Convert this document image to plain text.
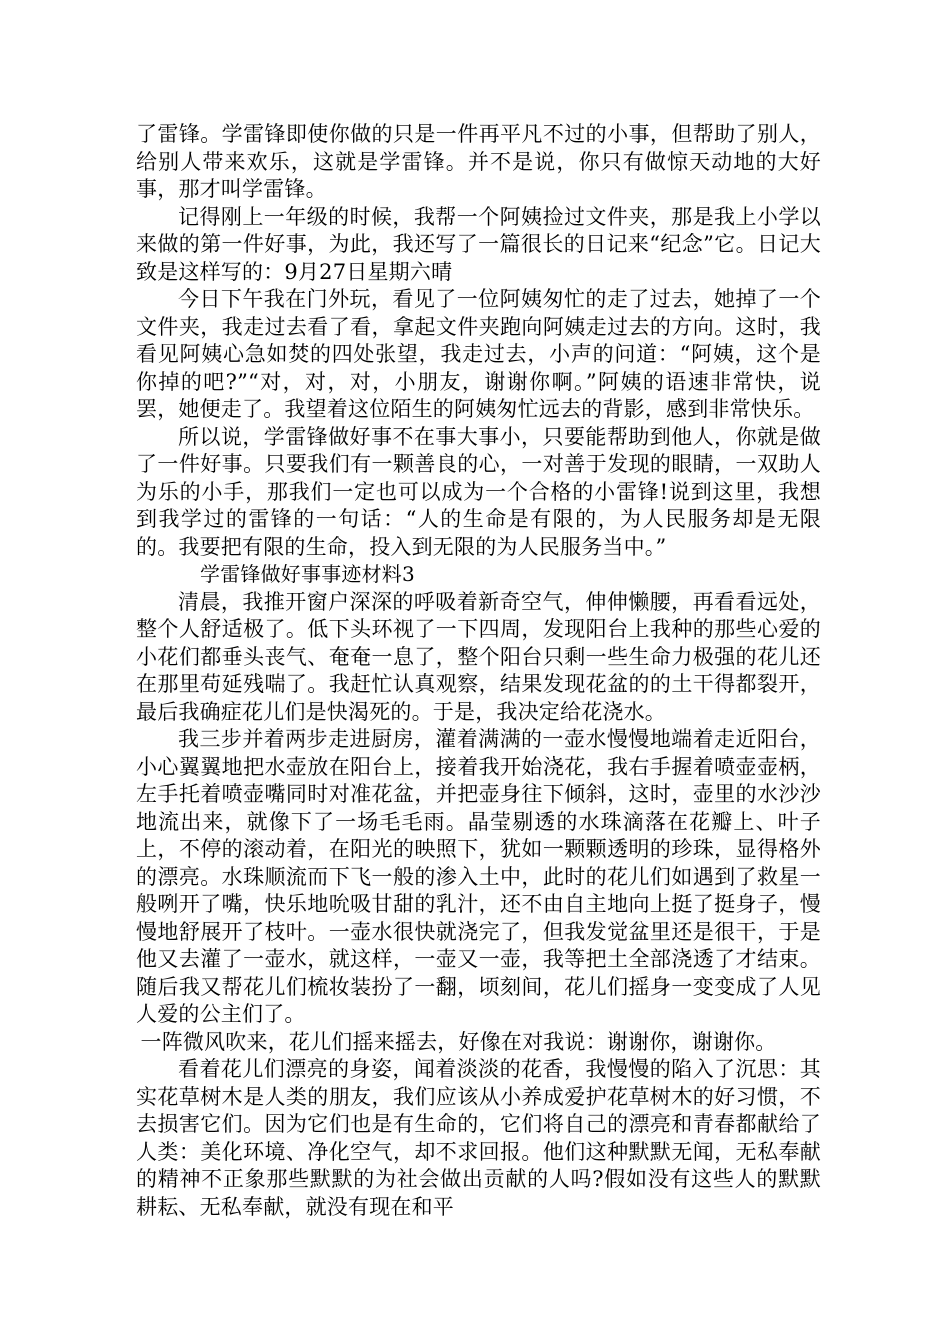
了雷锋。学雷锋即使你做的只是一件再平凡不过的小事，但帮助了别人，给别人带来欢乐，这就是学雷锋。并不是说，你只有做惊天动地的大好事，那才叫学雷锋。

记得刚上一年级的时候，我帮一个阿姨捡过文件夹，那是我上小学以来做的第一件好事，为此，我还写了一篇很长的日记来“纪念”它。日记大致是这样写的：9月27日星期六晴

今日下午我在门外玩，看见了一位阿姨匆忙的走了过去，她掉了一个文件夹，我走过去看了看，拿起文件夹跑向阿姨走过去的方向。这时，我看见阿姨心急如焚的四处张望，我走过去，小声的问道：“阿姨，这个是你掉的吧?”“对，对，对，小朋友，谢谢你啊。”阿姨的语速非常快，说罢，她便走了。我望着这位陌生的阿姨匆忙远去的背影，感到非常快乐。

所以说，学雷锋做好事不在事大事小，只要能帮助到他人，你就是做了一件好事。只要我们有一颗善良的心，一对善于发现的眼睛，一双助人为乐的小手，那我们一定也可以成为一个合格的小雷锋!说到这里，我想到我学过的雷锋的一句话：“人的生命是有限的，为人民服务却是无限的。我要把有限的生命，投入到无限的为人民服务当中。”

学雷锋做好事事迹材料3

清晨，我推开窗户深深的呼吸着新奇空气，伸伸懒腰，再看看远处，整个人舒适极了。低下头环视了一下四周，发现阳台上我种的那些心爱的小花们都垂头丧气、奄奄一息了，整个阳台只剩一些生命力极强的花儿还在那里苟延残喘了。我赶忙认真观察，结果发现花盆的的土干得都裂开，最后我确症花儿们是快渴死的。于是，我决定给花浇水。

我三步并着两步走进厨房，灌着满满的一壶水慢慢地端着走近阳台，小心翼翼地把水壶放在阳台上，接着我开始浇花，我右手握着喷壶壶柄，左手托着喷壶嘴同时对准花盆，并把壶身往下倾斜，这时，壶里的水沙沙地流出来，就像下了一场毛毛雨。晶莹剔透的水珠滴落在花瓣上、叶子上，不停的滚动着，在阳光的映照下，犹如一颗颗透明的珍珠，显得格外的漂亮。水珠顺流而下飞一般的渗入土中，此时的花儿们如遇到了救星一般咧开了嘴，快乐地吮吸甘甜的乳汁，还不由自主地向上挺了挺身子，慢慢地舒展开了枝叶。一壶水很快就浇完了，但我发觉盆里还是很干，于是他又去灌了一壶水，就这样，一壶又一壶，我等把土全部浇透了才结束。随后我又帮花儿们梳妆装扮了一翻，顷刻间，花儿们摇身一变变成了人见人爱的公主们了。

一阵微风吹来，花儿们摇来摇去，好像在对我说：谢谢你，谢谢你。

看着花儿们漂亮的身姿，闻着淡淡的花香，我慢慢的陷入了沉思：其实花草树木是人类的朋友，我们应该从小养成爱护花草树木的好习惯，不去损害它们。因为它们也是有生命的，它们将自己的漂亮和青春都献给了人类：美化环境、净化空气，却不求回报。他们这种默默无闻，无私奉献的精神不正象那些默默的为社会做出贡献的人吗?假如没有这些人的默默耕耘、无私奉献，就没有现在和平
